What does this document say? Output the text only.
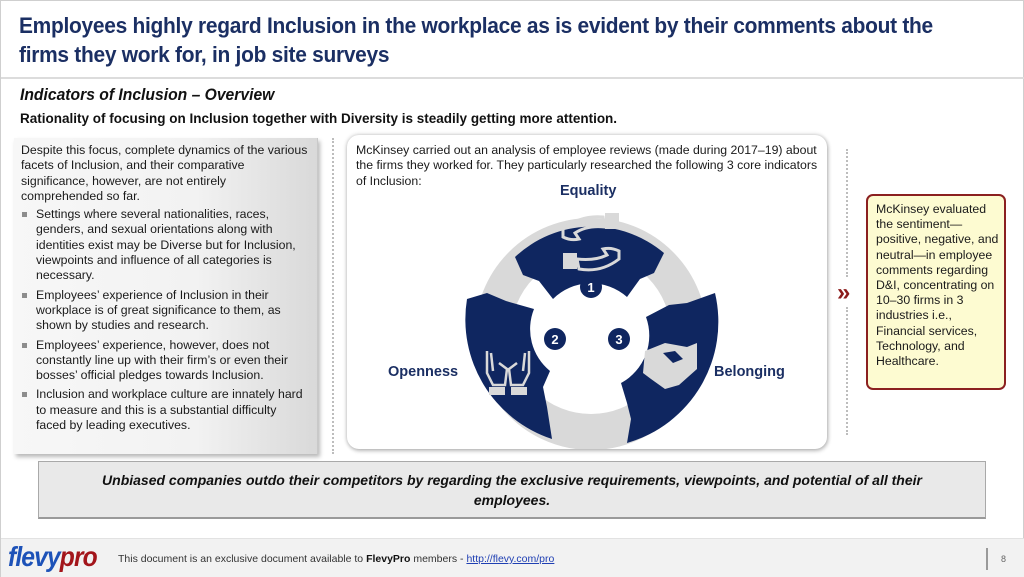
Employees highly regard Inclusion in the workplace as is evident by their comments about the firms they work for, in job site surveys
Indicators of Inclusion – Overview
Rationality of focusing on Inclusion together with Diversity is steadily getting more attention.

Despite this focus, complete dynamics of the various facets of Inclusion, and their comparative significance, however, are not entirely comprehended so far.

Settings where several nationalities, races, genders, and sexual orientations along with identities exist may be Diverse but for Inclusion, viewpoints and influence of all categories is necessary.
Employees’ experience of Inclusion in their workplace is of great significance to them, as shown by studies and research.
Employees’ experience, however, does not constantly line up with their firm’s or even their bosses’ official pledges towards Inclusion.
Inclusion and workplace culture are innately hard to measure and this is a substantial difficulty faced by leading executives.
McKinsey carried out an analysis of employee reviews (made during 2017–19) about the firms they worked for. They particularly researched the following 3 core indicators of Inclusion:
1
2	3
Equality
Openness	Belonging
»
McKinsey evaluated the sentiment—positive, negative, and neutral—in employee comments regarding D&I, concentrating on 10–30 firms in 3 industries i.e., Financial services, Technology, and Healthcare.
Unbiased companies outdo their competitors by regarding the exclusive requirements, viewpoints, and potential of all their employees.
flevypro This document is an exclusive document available to FlevyPro members - http://flevy.com/pro	8
